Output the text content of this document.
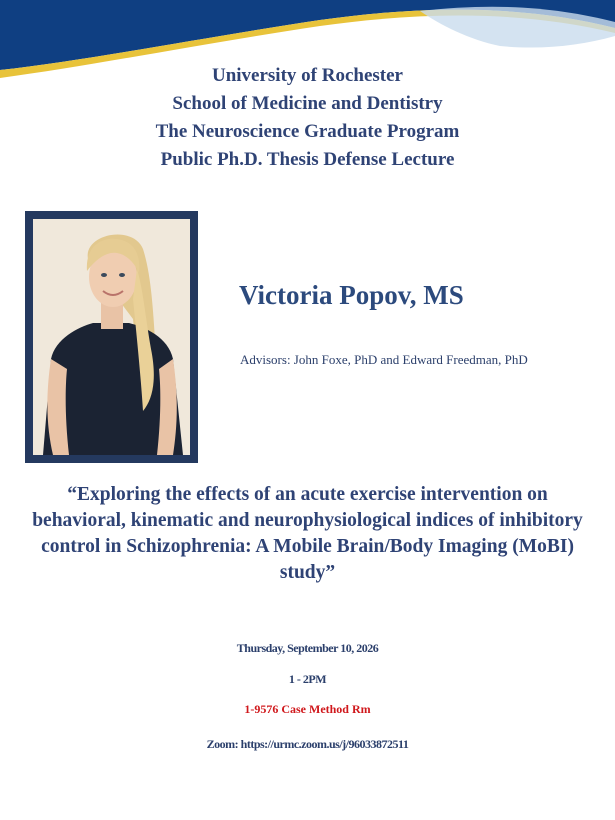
University of Rochester
School of Medicine and Dentistry
The Neuroscience Graduate Program
Public Ph.D. Thesis Defense Lecture
Victoria Popov, MS
Advisors: John Foxe, PhD and Edward Freedman, PhD
“Exploring the effects of an acute exercise intervention on behavioral, kinematic and neurophysiological indices of inhibitory control in Schizophrenia: A Mobile Brain/Body Imaging (MoBI) study”
Thursday, September 10, 2026
1 - 2PM
1-9576 Case Method Rm
Zoom: https://urmc.zoom.us/j/96033872511
